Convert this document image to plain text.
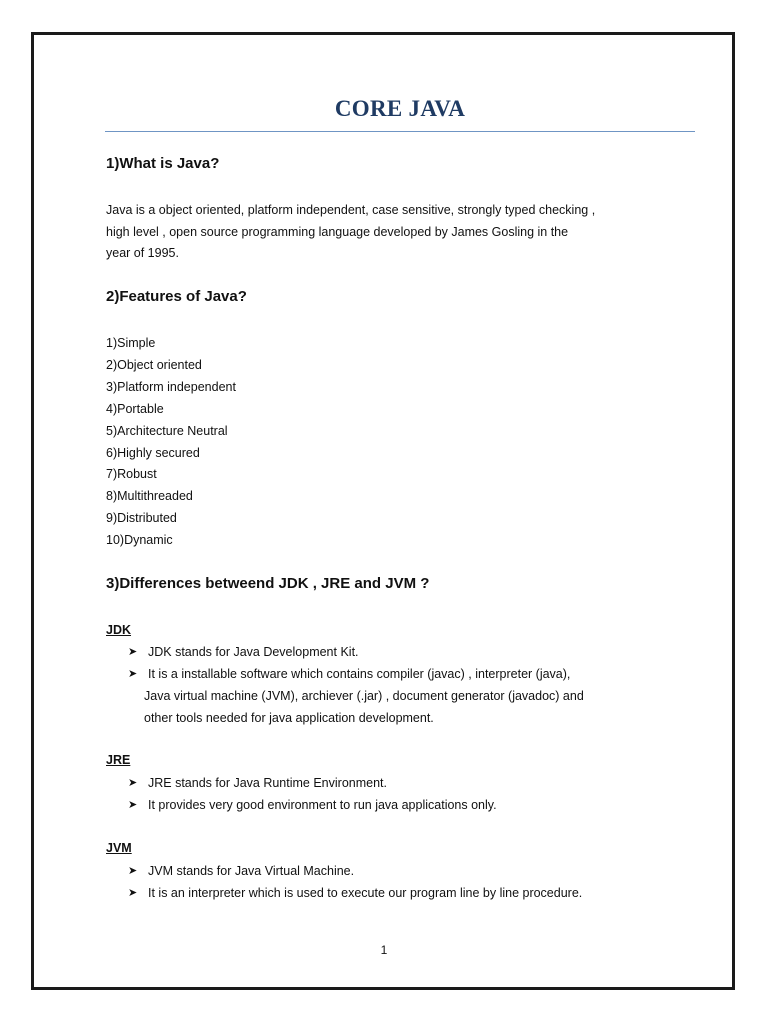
CORE JAVA
1)What is Java?

Java is a object oriented, platform independent, case sensitive, strongly typed checking ,

high level , open source programming language developed by James Gosling in the

year of 1995.

2)Features of Java?
1)Simple
2)Object oriented
3)Platform independent
4)Portable
5)Architecture Neutral
6)Highly secured
7)Robust
8)Multithreaded
9)Distributed
10)Dynamic
3)Differences betweend JDK , JRE and JVM ?
JDK
➤ JDK stands for Java Development Kit.
➤ It is a installable software which contains compiler (javac) , interpreter (java),
Java virtual machine (JVM), archiever (.jar) , document generator (javadoc) and
other tools needed for java application development.
JRE
➤ JRE stands for Java Runtime Environment.
➤ It provides very good environment to run java applications only.
JVM
➤ JVM stands for Java Virtual Machine.
➤ It is an interpreter which is used to execute our program line by line procedure.
1
